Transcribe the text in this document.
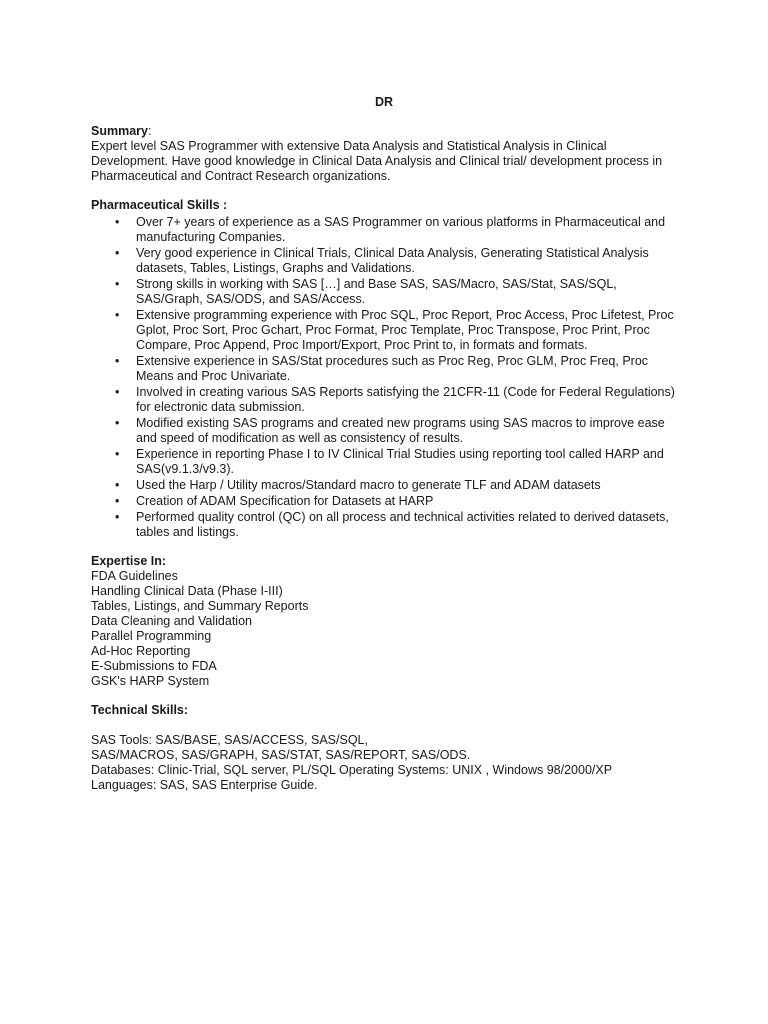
DR
Summary:

Expert level SAS Programmer with extensive Data Analysis and Statistical Analysis in Clinical Development. Have good knowledge in Clinical Data Analysis and Clinical trial/ development process in Pharmaceutical and Contract Research organizations.

Pharmaceutical Skills :
• Over 7+ years of experience as a SAS Programmer on various platforms in Pharmaceutical and manufacturing Companies.
• Very good experience in Clinical Trials, Clinical Data Analysis, Generating Statistical Analysis datasets, Tables, Listings, Graphs and Validations.
• Strong skills in working with SAS […] and Base SAS, SAS/Macro, SAS/Stat, SAS/SQL, SAS/Graph, SAS/ODS, and SAS/Access.
• Extensive programming experience with Proc SQL, Proc Report, Proc Access, Proc Lifetest, Proc Gplot, Proc Sort, Proc Gchart, Proc Format, Proc Template, Proc Transpose, Proc Print, Proc Compare, Proc Append, Proc Import/Export, Proc Print to, in formats and formats.
• Extensive experience in SAS/Stat procedures such as Proc Reg, Proc GLM, Proc Freq, Proc Means and Proc Univariate.
• Involved in creating various SAS Reports satisfying the 21CFR-11 (Code for Federal Regulations) for electronic data submission.
• Modified existing SAS programs and created new programs using SAS macros to improve ease and speed of modification as well as consistency of results.
• Experience in reporting Phase I to IV Clinical Trial Studies using reporting tool called HARP and SAS(v9.1.3/v9.3).
• Used the Harp / Utility macros/Standard macro to generate TLF and ADAM datasets
• Creation of ADAM Specification for Datasets at HARP
• Performed quality control (QC) on all process and technical activities related to derived datasets, tables and listings.
Expertise In:
FDA Guidelines
Handling Clinical Data (Phase I-III)
Tables, Listings, and Summary Reports
Data Cleaning and Validation
Parallel Programming
Ad-Hoc Reporting
E-Submissions to FDA
GSK's HARP System
Technical Skills:
SAS Tools: SAS/BASE, SAS/ACCESS, SAS/SQL,
SAS/MACROS, SAS/GRAPH, SAS/STAT, SAS/REPORT, SAS/ODS.
Databases: Clinic-Trial, SQL server, PL/SQL Operating Systems: UNIX , Windows 98/2000/XP
Languages: SAS, SAS Enterprise Guide.
